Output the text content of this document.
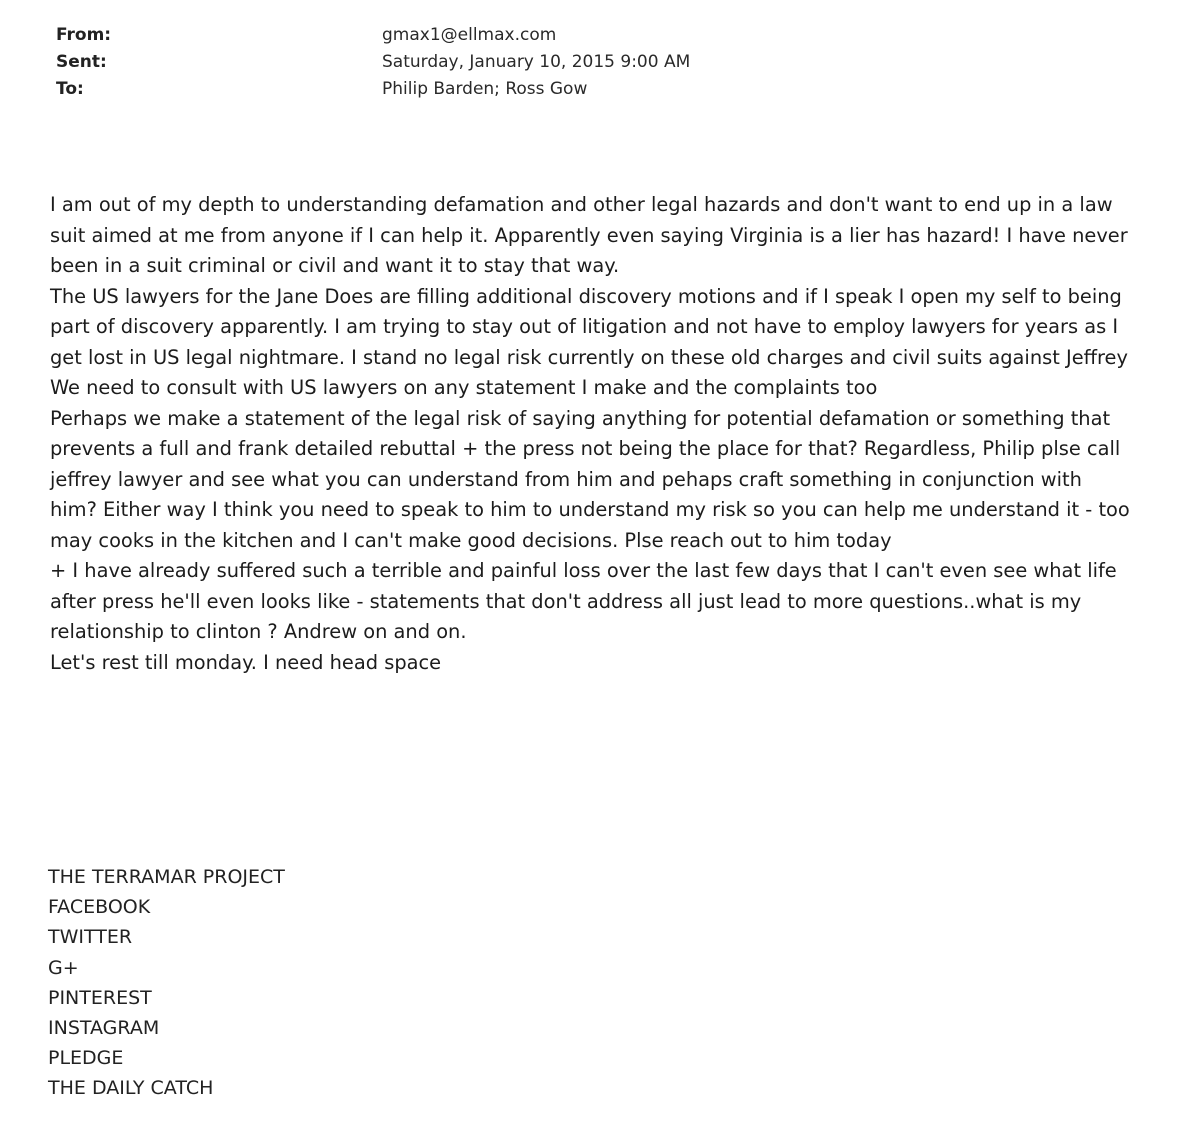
From:	gmax1@ellmax.com
Sent:	Saturday, January 10, 2015 9:00 AM
To:	Philip Barden; Ross Gow
I am out of my depth to understanding defamation and other legal hazards and don't want to end up in a law
suit aimed at me from anyone if I can help it. Apparently even saying Virginia is a lier has hazard! I have never
been in a suit criminal or civil and want it to stay that way.
The US lawyers for the Jane Does are filling additional discovery motions and if I speak I open my self to being
part of discovery apparently. I am trying to stay out of litigation and not have to employ lawyers for years as I
get lost in US legal nightmare. I stand no legal risk currently on these old charges and civil suits against Jeffrey
We need to consult with US lawyers on any statement I make and the complaints too
Perhaps we make a statement of the legal risk of saying anything for potential defamation or something that
prevents a full and frank detailed rebuttal + the press not being the place for that? Regardless, Philip plse call
jeffrey lawyer and see what you can understand from him and pehaps craft something in conjunction with
him? Either way I think you need to speak to him to understand my risk so you can help me understand it - too
may cooks in the kitchen and I can't make good decisions. Plse reach out to him today
+ I have already suffered such a terrible and painful loss over the last few days that I can't even see what life
after press he'll even looks like - statements that don't address all just lead to more questions..what is my
relationship to clinton ? Andrew on and on.
Let's rest till monday. I need head space
THE TERRAMAR PROJECT
FACEBOOK
TWITTER
G+
PINTEREST
INSTAGRAM
PLEDGE
THE DAILY CATCH
